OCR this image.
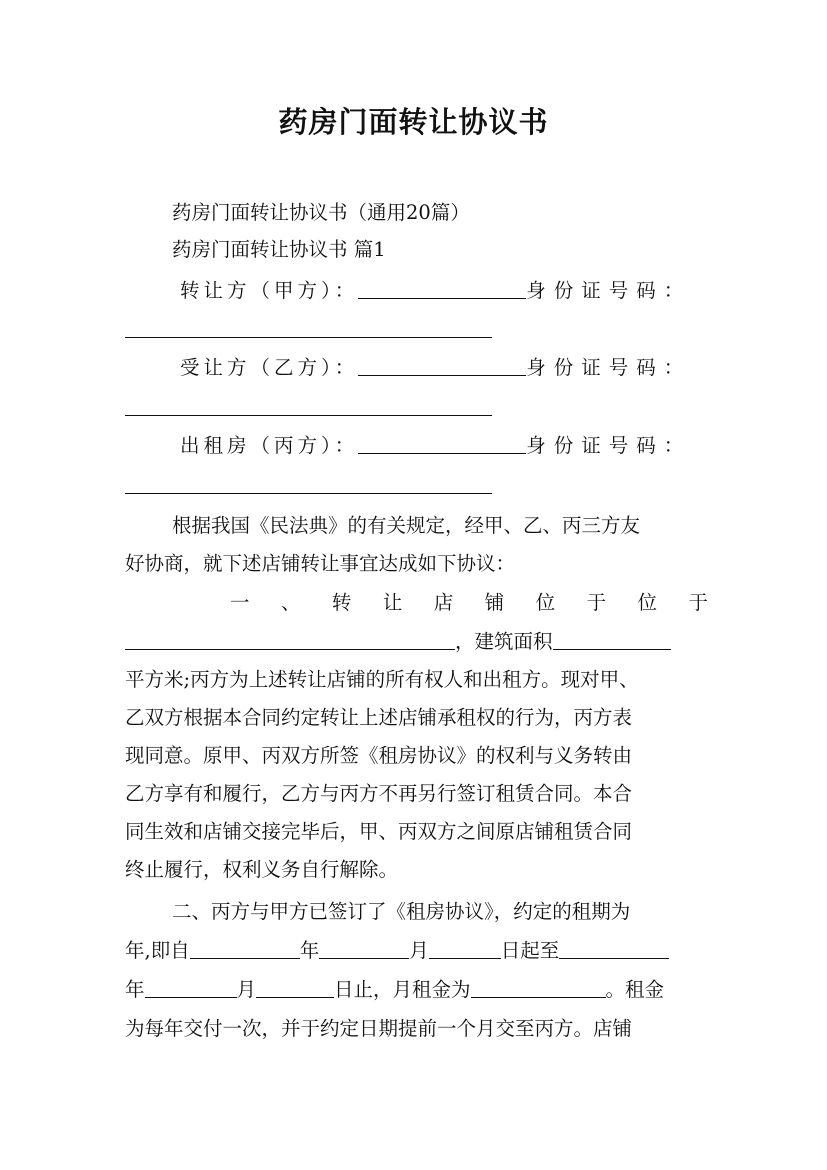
药房门面转让协议书
药房门面转让协议书（通用20篇）
药房门面转让协议书 篇1
转让方（甲方）：	身份证号码：
受让方（乙方）：	身份证号码：
出租房（丙方）：	身份证号码：
根据我国《民法典》的有关规定，经甲、乙、丙三方友
好协商，就下述店铺转让事宜达成如下协议：
一 、 转 让 店 铺 位 于 位 于
，建筑面积
平方米;丙方为上述转让店铺的所有权人和出租方。现对甲、
乙双方根据本合同约定转让上述店铺承租权的行为，丙方表
现同意。原甲、丙双方所签《租房协议》的权利与义务转由
乙方享有和履行，乙方与丙方不再另行签订租赁合同。本合
同生效和店铺交接完毕后，甲、丙双方之间原店铺租赁合同
终止履行，权利义务自行解除。
二、丙方与甲方已签订了《租房协议》，约定的租期为
年,即自	年	月	日起至
年	月	日止，月租金为	。租金
为每年交付一次，并于约定日期提前一个月交至丙方。店铺
